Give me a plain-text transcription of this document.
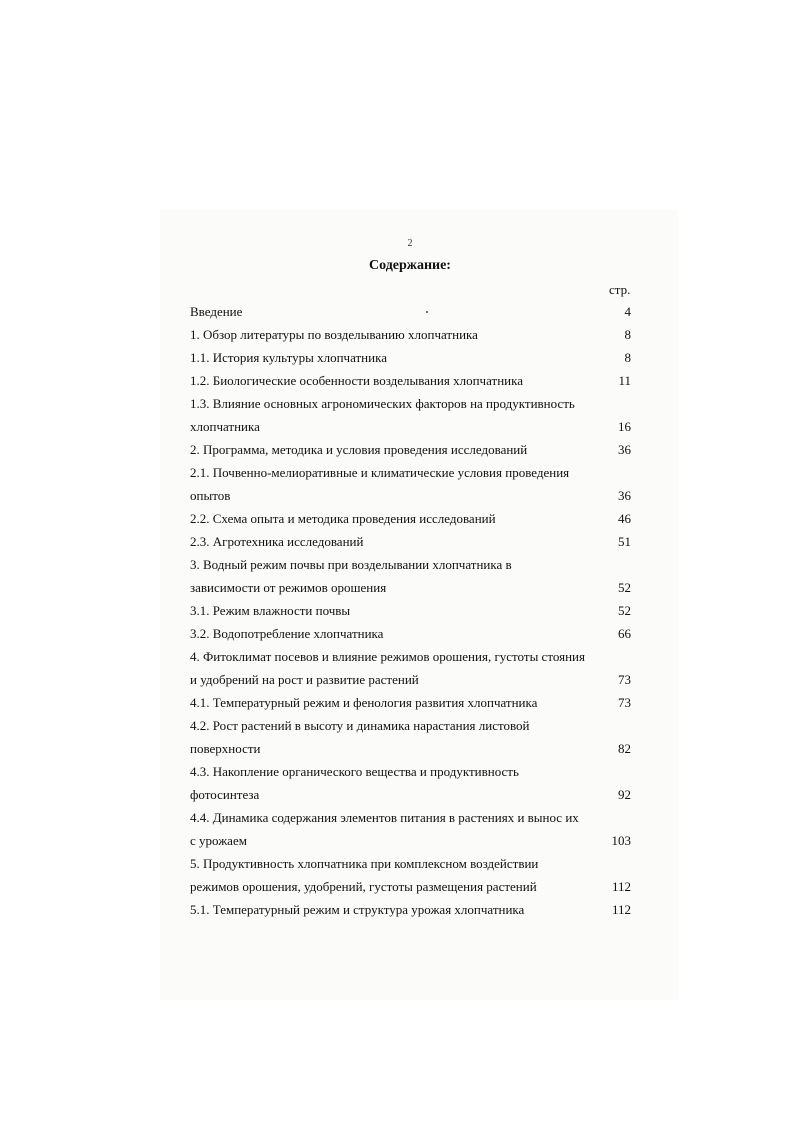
2
Содержание:
стр.
Введение	4
1. Обзор литературы по возделыванию хлопчатника	8
1.1. История культуры хлопчатника	8
1.2. Биологические особенности возделывания хлопчатника	11
1.3. Влияние основных агрономических факторов на продуктивность
хлопчатника	16
2. Программа, методика и условия проведения исследований	36
2.1. Почвенно-мелиоративные и климатические условия проведения
опытов	36
2.2. Схема опыта и методика проведения исследований	46
2.3. Агротехника исследований	51
3. Водный режим почвы при возделывании хлопчатника в
зависимости от режимов орошения	52
3.1. Режим влажности почвы	52
3.2. Водопотребление хлопчатника	66
4. Фитоклимат посевов и влияние режимов орошения, густоты стояния
и удобрений на рост и развитие растений	73
4.1. Температурный режим и фенология развития хлопчатника	73
4.2. Рост растений в высоту и динамика нарастания листовой
поверхности	82
4.3. Накопление органического вещества и продуктивность
фотосинтеза	92
4.4. Динамика содержания элементов питания в растениях и вынос их
с урожаем	103
5. Продуктивность хлопчатника при комплексном воздействии
режимов орошения, удобрений, густоты размещения растений	112
5.1. Температурный режим и структура урожая хлопчатника	112
